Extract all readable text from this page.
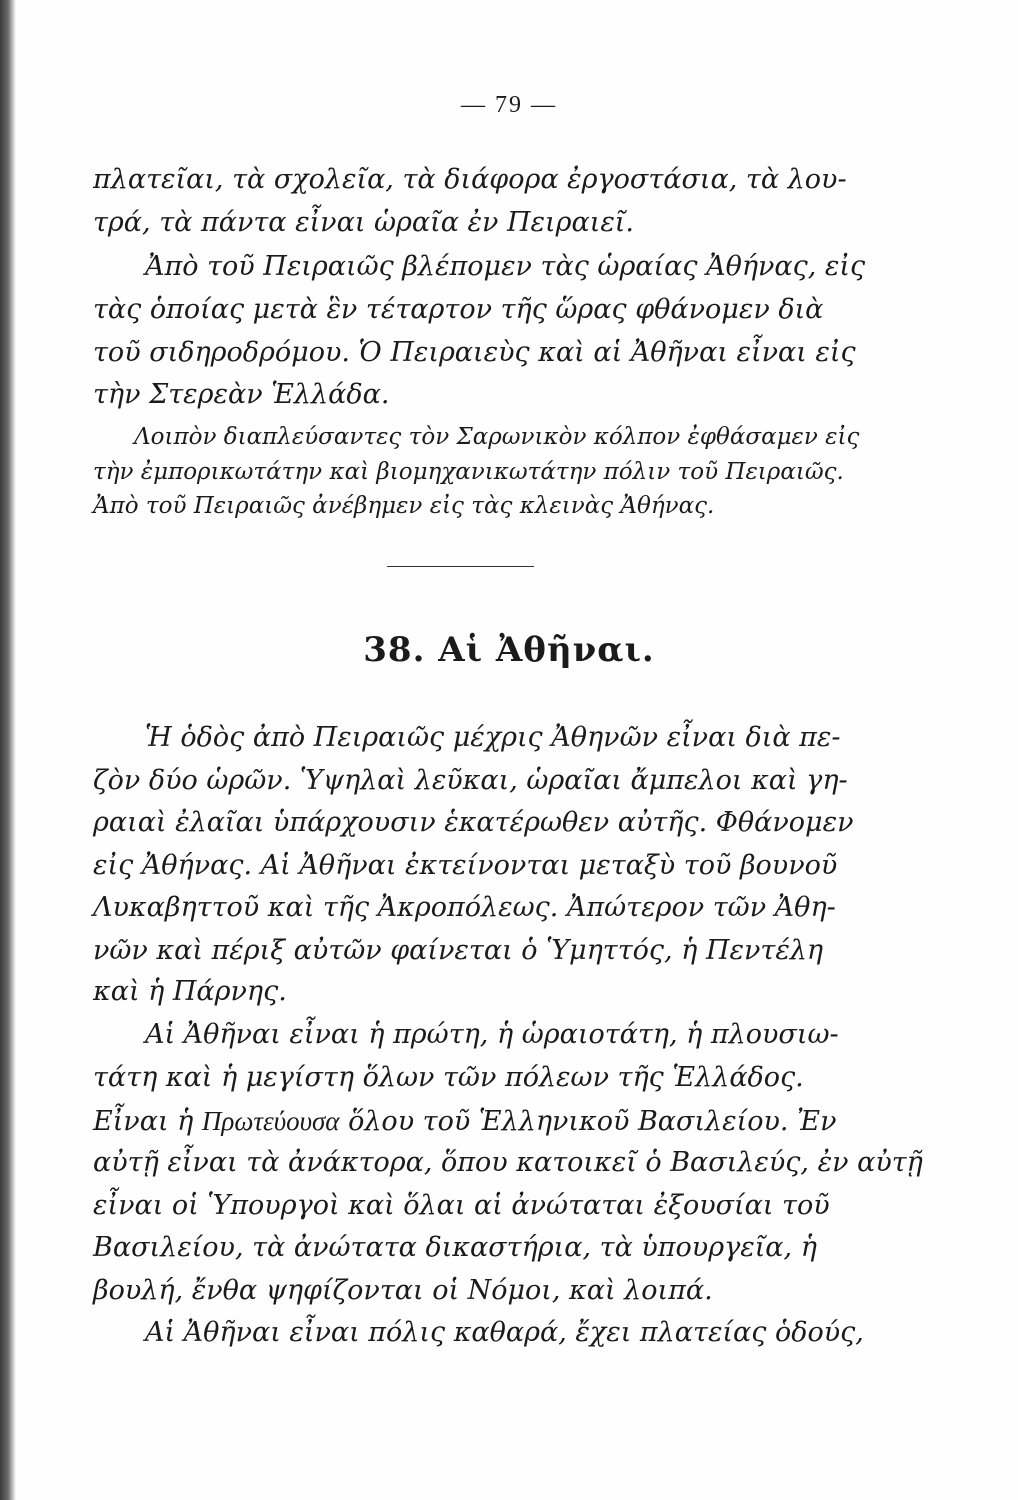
— 79 —
πλατεῖαι, τὰ σχολεῖα, τὰ διάφορα ἐργοστάσια, τὰ λου-
τρά, τὰ πάντα εἶναι ὡραῖα ἐν Πειραιεῖ.
Ἀπὸ τοῦ Πειραιῶς βλέπομεν τὰς ὡραίας Ἀθήνας, εἰς
τὰς ὁποίας μετὰ ἓν τέταρτον τῆς ὥρας φθάνομεν διὰ
τοῦ σιδηροδρόμου. Ὁ Πειραιεὺς καὶ αἱ Ἀθῆναι εἶναι εἰς
τὴν Στερεὰν Ἑλλάδα.
Λοιπὸν διαπλεύσαντες τὸν Σαρωνικὸν κόλπον ἐφθάσαμεν εἰς
τὴν ἐμπορικωτάτην καὶ βιομηχανικωτάτην πόλιν τοῦ Πειραιῶς.
Ἀπὸ τοῦ Πειραιῶς ἀνέβημεν εἰς τὰς κλεινὰς Ἀθήνας.
38. Αἱ Ἀθῆναι.
Ἡ ὁδὸς ἀπὸ Πειραιῶς μέχρις Ἀθηνῶν εἶναι διὰ πε-
ζὸν δύο ὡρῶν. Ὑψηλαὶ λεῦκαι, ὡραῖαι ἄμπελοι καὶ γη-
ραιαὶ ἐλαῖαι ὑπάρχουσιν ἑκατέρωθεν αὐτῆς. Φθάνομεν
εἰς Ἀθήνας. Αἱ Ἀθῆναι ἐκτείνονται μεταξὺ τοῦ βουνοῦ
Λυκαβηττοῦ καὶ τῆς Ἀκροπόλεως. Ἀπώτερον τῶν Ἀθη-
νῶν καὶ πέριξ αὐτῶν φαίνεται ὁ Ὑμηττός, ἡ Πεντέλη
καὶ ἡ Πάρνης.
Αἱ Ἀθῆναι εἶναι ἡ πρώτη, ἡ ὡραιοτάτη, ἡ πλουσιω-
τάτη καὶ ἡ μεγίστη ὅλων τῶν πόλεων τῆς Ἑλλάδος.
Εἶναι ἡ Πρωτεύουσα ὅλου τοῦ Ἑλληνικοῦ Βασιλείου. Ἐν
αὐτῇ εἶναι τὰ ἀνάκτορα, ὅπου κατοικεῖ ὁ Βασιλεύς, ἐν αὐτῇ
εἶναι οἱ Ὑπουργοὶ καὶ ὅλαι αἱ ἀνώταται ἐξουσίαι τοῦ
Βασιλείου, τὰ ἀνώτατα δικαστήρια, τὰ ὑπουργεῖα, ἡ
βουλή, ἔνθα ψηφίζονται οἱ Νόμοι, καὶ λοιπά.
Αἱ Ἀθῆναι εἶναι πόλις καθαρά, ἔχει πλατείας ὁδούς,
